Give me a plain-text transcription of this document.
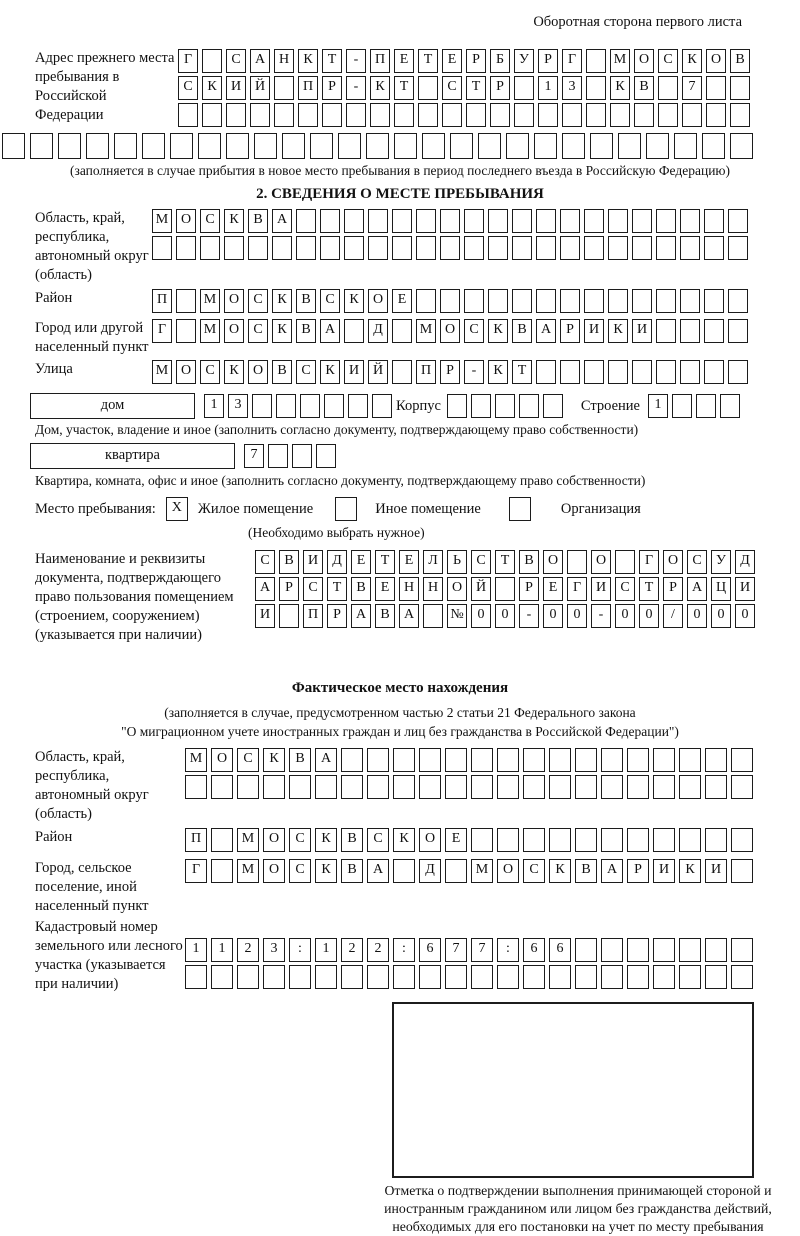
Оборотная сторона первого листа
Адрес прежнего места пребывания в Российской Федерации
Г	С	А Н	К	Т	-	П	Е	Т	Е	Р	Б	У	Р	Г	М О	С	К	О	В
С	К	И Й	П	Р	-	К	Т	С	Т	Р	1	3	К	В	7
(заполняется в случае прибытия в новое место пребывания в период последнего въезда в Российскую Федерацию)
2. СВЕДЕНИЯ О МЕСТЕ ПРЕБЫВАНИЯ
Область, край, республика, автономный округ (область)
М О	С	К	В	А
Район	П	М О	С	К	В	С	К	О	Е
Город или другой населенный пункт
Г	М О	С	К	В	А	Д	М О	С	К	В	А	Р	И	К	И
Улица	М О	С	К	О	В	С	К	И Й	П	Р	-	К	Т
дом	1	3	Корпус	Строение	1
Дом, участок, владение и иное (заполнить согласно документу, подтверждающему право собственности)
квартира	7
Квартира, комната, офис и иное (заполнить согласно документу, подтверждающему право собственности)
Место пребывания:	X	Жилое помещение	Иное помещение	Организация
(Необходимо выбрать нужное)
Наименование и реквизиты документа, подтверждающего право пользования помещением (строением, сооружением) (указывается при наличии)
С	В	И	Д	Е	Т	Е	Л	Ь	С	Т	В	О	О	Г	О	С	У	Д
А	Р	С	Т	В	Е	Н Н О Й	Р	Е	Г	И	С	Т	Р	А Ц И
И	П	Р	А	В	А	№ 0	0	-	0	0	-	0	0	/	0	0	0
Фактическое место нахождения
(заполняется в случае, предусмотренном частью 2 статьи 21 Федерального закона
"О миграционном учете иностранных граждан и лиц без гражданства в Российской Федерации")
Область, край, республика, автономный округ (область)
М	О	С	К	В	А
Район	П	М	О	С	К	В	С	К	О	Е
Город, сельское поселение, иной населенный пункт
Г	М	О	С	К	В	А	Д	М	О	С	К	В	А	Р	И	К	И
Кадастровый номер земельного или лесного участка (указывается при наличии)
1	1	2	3	:	1	2	2	:	6	7	7	:	6	6
Отметка о подтверждении выполнения принимающей стороной и иностранным гражданином или лицом без гражданства действий, необходимых для его постановки на учет по месту пребывания
